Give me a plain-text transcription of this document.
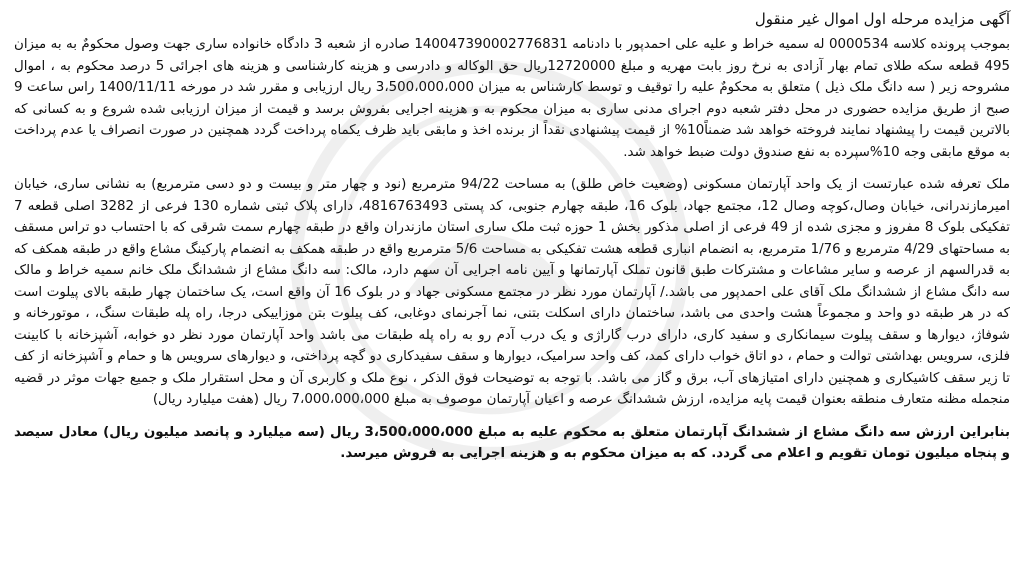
آگهی مزایده مرحله اول اموال غیر منقول

بموجب پرونده کلاسه 0000534 له سمیه خراط و علیه علی احمدپور با دادنامه 140047390002776831 صادره از شعبه 3 دادگاه خانواده ساری جهت وصول محکومٌ به به میزان 495 قطعه سکه طلای تمام بهار آزادی به نرخ روز بابت مهریه و مبلغ 12720000ریال حق الوکاله و دادرسی و هزینه کارشناسی و هزینه های اجرائی 5 درصد محکوم به ، اموال مشروحه زیر ( سه دانگ ملک ذیل ) متعلق به محکومٌ علیه را توقیف و توسط کارشناس به میزان 3،500،000،000 ریال ارزیابی و مقرر شد در مورخه 1400/11/11 راس ساعت 9 صبح از طریق مزایده حضوری در محل دفتر شعبه دوم اجرای مدنی ساری به میزان محکوم به و هزینه اجرایی بفروش برسد و قیمت از میزان ارزیابی شده شروع و به کسانی که بالاترین قیمت را پیشنهاد نمایند فروخته خواهد شد ضمناً10% از قیمت پیشنهادی نقداً از برنده اخذ و مابقی باید ظرف یکماه پرداخت گردد همچنین در صورت انصراف یا عدم پرداخت به موقع مابقی وجه 10%سپرده به نفع صندوق دولت ضبط خواهد شد.

ملک تعرفه شده عبارتست از یک واحد آپارتمان مسکونی (وضعیت خاص طلق) به مساحت 94/22 مترمربع (نود و چهار متر و بیست و دو دسی مترمربع) به نشانی ساری، خیابان امیرمازندرانی، خیابان وصال،کوچه وصال 12، مجتمع جهاد، بلوک 16، طبقه چهارم جنوبی، کد پستی 4816763493، دارای پلاک ثبتی شماره 130 فرعی از 3282 اصلی قطعه 7 تفکیکی بلوک 8 مفروز و مجزی شده از 49 فرعی از اصلی مذکور بخش 1 حوزه ثبت ملک ساری استان مازندران واقع در طبقه چهارم سمت شرقی که با احتساب دو تراس مسقف به مساحتهای 4/29 مترمربع و 1/76 مترمربع، به انضمام انباری قطعه هشت تفکیکی به مساحت 5/6 مترمربع واقع در طبقه همکف به انضمام پارکینگ مشاع واقع در طبقه همکف که به قدرالسهم از عرصه و سایر مشاعات و مشترکات طبق قانون تملک آپارتمانها و آیین نامه اجرایی آن سهم دارد، مالک: سه دانگ مشاع از ششدانگ ملک خانم سمیه خراط و مالک سه دانگ مشاع از ششدانگ ملک آقای علی احمدپور می باشد./ آپارتمان مورد نظر در مجتمع مسکونی جهاد و در بلوک 16 آن واقع است، یک ساختمان چهار طبقه بالای پیلوت است که در هر طبقه دو واحد و مجموعاً هشت واحدی می باشد، ساختمان دارای اسکلت بتنی، نما آجرنمای دوغابی، کف پیلوت بتن موزاییکی درجا، راه پله طبقات سنگ، ، موتورخانه و شوفاژ، دیوارها و سقف پیلوت سیمانکاری و سفید کاری، دارای درب گاراژی و یک درب آدم رو به راه پله طبقات می باشد واحد آپارتمان مورد نظر دو خوابه، آشپزخانه با کابینت فلزی، سرویس بهداشتی توالت و حمام ، دو اتاق خواب دارای کمد، کف واحد سرامیک، دیوارها و سقف سفیدکاری دو گچه پرداختی، و دیوارهای سرویس ها و حمام و آشپزخانه از کف تا زیر سقف کاشیکاری و همچنین دارای امتیازهای آب، برق و گاز می باشد. با توجه به توضیحات فوق الذکر ، نوع ملک و کاربری آن و محل استقرار ملک و جمیع جهات موثر در قضیه منجمله مظنه متعارف منطقه بعنوان قیمت پایه مزایده، ارزش ششدانگ عرصه و اعیان آپارتمان موصوف به مبلغ 7،000،000،000 ریال (هفت میلیارد ریال)

بنابراین ارزش سه دانگ مشاع از ششدانگ آپارتمان متعلق به محکوم علیه به مبلغ 3،500،000،000 ریال (سه میلیارد و پانصد میلیون ریال) معادل سیصد و پنجاه میلیون تومان تقویم و اعلام می گردد. که به میزان محکوم به و هزینه اجرایی به فروش میرسد.
